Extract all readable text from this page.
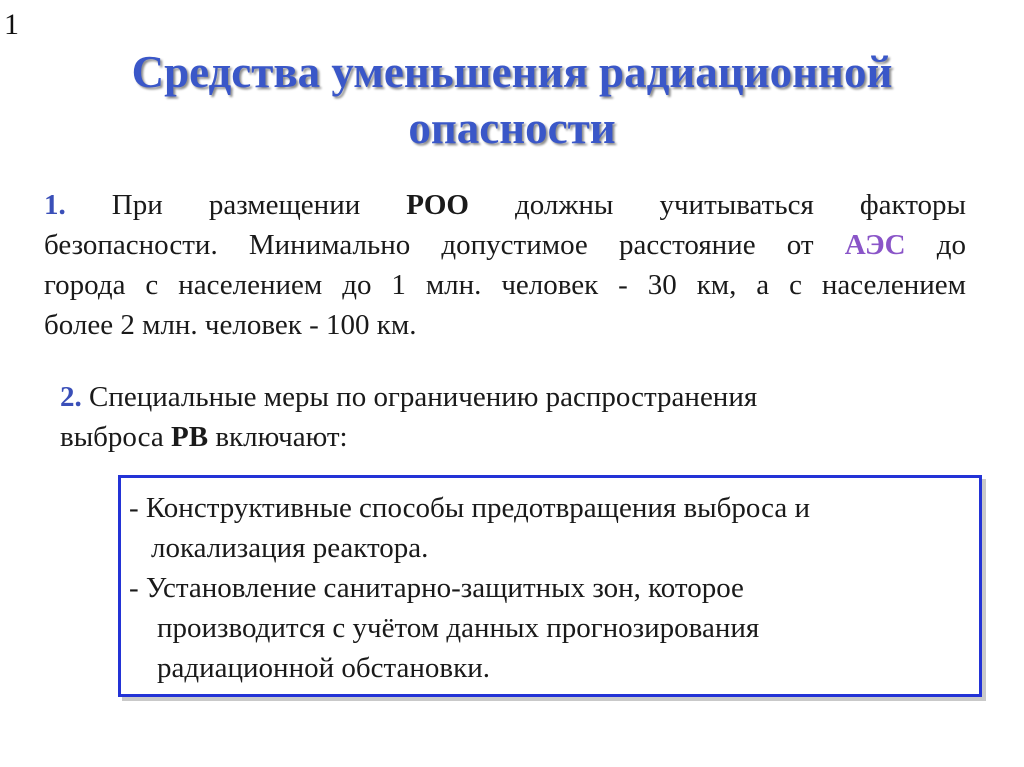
1
Средства уменьшения радиационной
опасности

1. При размещении РОО должны учитываться факторы
безопасности. Минимально допустимое расстояние от АЭС до
города с населением до 1 млн. человек - 30 км, а с населением
более 2 млн. человек - 100 км.

2. Специальные меры по ограничению распространения
выброса РВ включают:

- Конструктивные способы предотвращения выброса и
локализация реактора.
- Установление санитарно-защитных зон, которое
производится с учётом данных прогнозирования
радиационной обстановки.
